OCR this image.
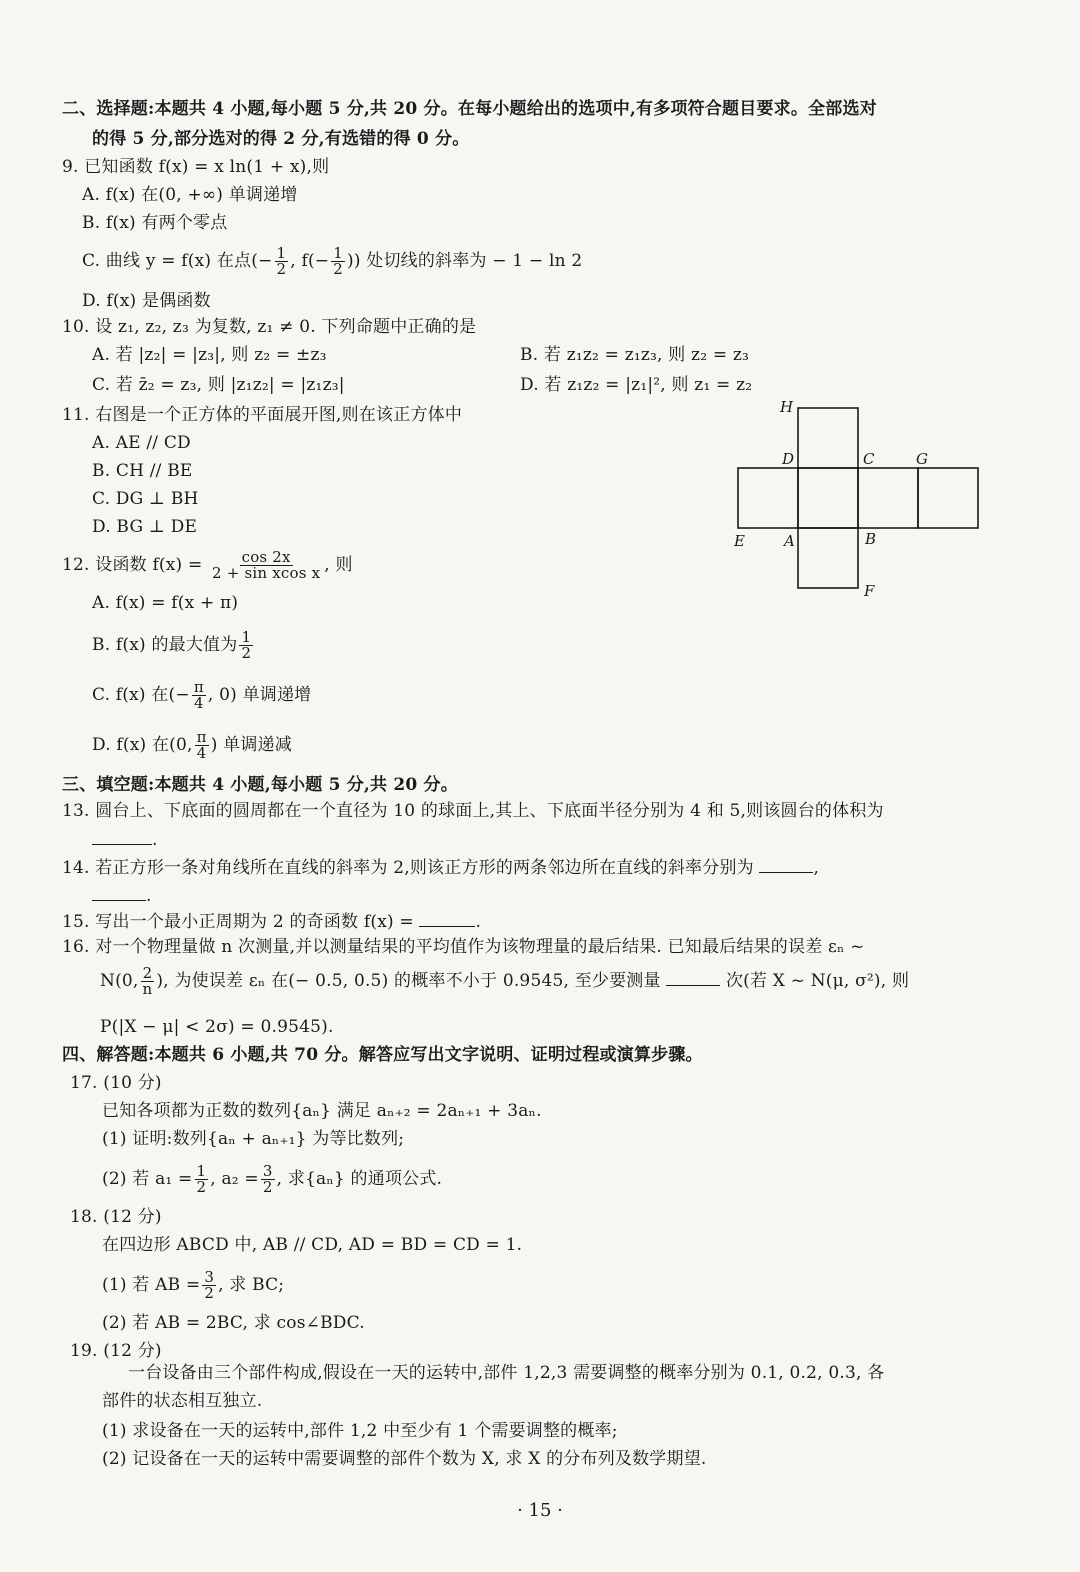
二、选择题:本题共 4 小题,每小题 5 分,共 20 分。在每小题给出的选项中,有多项符合题目要求。全部选对
的得 5 分,部分选对的得 2 分,有选错的得 0 分。
9. 已知函数 f(x) = x ln(1 + x),则
A. f(x) 在(0, +∞) 单调递增
B. f(x) 有两个零点
C. 曲线 y = f(x) 在点(− $\frac{1}{2}$ , $f(- \frac{1}{2}$ )) 处切线的斜率为 − 1 − ln 2
D. f(x) 是偶函数
10. 设 z₁, z₂, z₃ 为复数, z₁ ≠ 0. 下列命题中正确的是
A. 若 |z₂| = |z₃|, 则 z₂ = ±z₃	B. 若 z₁z₂ = z₁z₃, 则 z₂ = z₃
C. 若 z̄₂ = z₃, 则 |z₁z₂| = |z₁z₃|	D. 若 z₁z₂ = |z₁|², 则 z₁ = z₂
11. 右图是一个正方体的平面展开图,则在该正方体中
A. AE // CD
B. CH // BE
C. DG ⊥ BH
D. BG ⊥ DE
H
D	C	G
E	A	B
F
12. 设函数 $f(x) = \frac{\cos 2x}{\text{2 + sin xcos x}}$ , 则
A. f(x) = f(x + π)
B. f(x) 的最大值为 $\frac{1}{2}$
C. f(x) 在(− $\frac{\pi}{4}$ , 0) 单调递增
D. f(x) 在(0, $\frac{\pi}{4}$ ) 单调递减
三、填空题:本题共 4 小题,每小题 5 分,共 20 分。
13. 圆台上、下底面的圆周都在一个直径为 10 的球面上,其上、下底面半径分别为 4 和 5,则该圆台的体积为
.
14. 若正方形一条对角线所在直线的斜率为 2,则该正方形的两条邻边所在直线的斜率分别为	,
.
15. 写出一个最小正周期为 2 的奇函数 f(x) =	.
16. 对一个物理量做 n 次测量,并以测量结果的平均值作为该物理量的最后结果. 已知最后结果的误差 εₙ ~
N(0, $\frac{2}{n}$ ), 为使误差 εₙ 在(− 0.5, 0.5) 的概率不小于 0.9545, 至少要测量	次(若 X ~ N(μ, σ²), 则
P(|X − μ| < 2σ) = 0.9545).
四、解答题:本题共 6 小题,共 70 分。解答应写出文字说明、证明过程或演算步骤。
17. (10 分)
已知各项都为正数的数列{aₙ} 满足 aₙ₊₂ = 2aₙ₊₁ + 3aₙ.
(1) 证明:数列{aₙ + aₙ₊₁} 为等比数列;
(2) 若 $a_1 = \frac{1}{2}$ , $a_2 = \frac{3}{2}$ , 求{aₙ} 的通项公式.
18. (12 分)
在四边形 ABCD 中, AB // CD, AD = BD = CD = 1.
(1) 若 AB = $\frac{3}{2}$ , 求 BC;
(2) 若 AB = 2BC, 求 cos∠BDC.
19. (12 分)
一台设备由三个部件构成,假设在一天的运转中,部件 1,2,3 需要调整的概率分别为 0.1, 0.2, 0.3, 各
部件的状态相互独立.
(1) 求设备在一天的运转中,部件 1,2 中至少有 1 个需要调整的概率;
(2) 记设备在一天的运转中需要调整的部件个数为 X, 求 X 的分布列及数学期望.
· 15 ·
